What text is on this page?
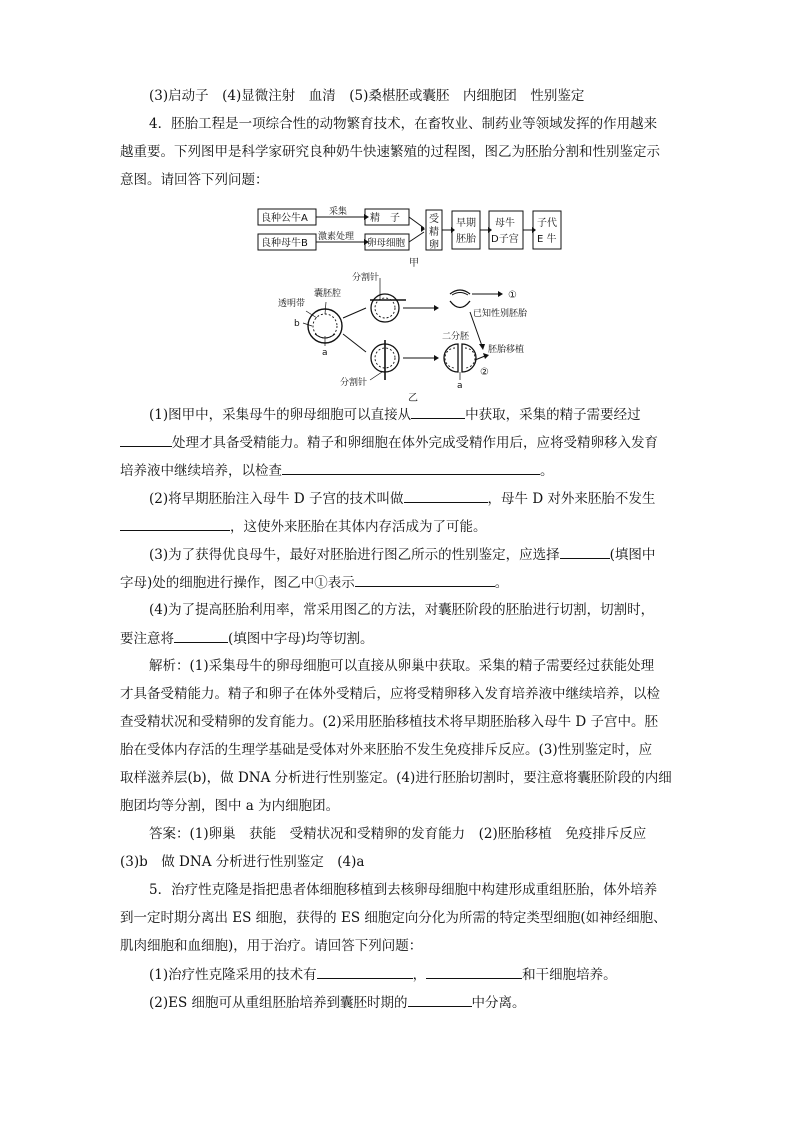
(3)启动子　(4)显微注射　血清　(5)桑椹胚或囊胚　内细胞团　性别鉴定
4．胚胎工程是一项综合性的动物繁育技术，在畜牧业、制药业等领域发挥的作用越来
越重要。下列图甲是科学家研究良种奶牛快速繁殖的过程图，图乙为胚胎分割和性别鉴定示
意图。请回答下列问题：
(1)图甲中，采集母牛的卵母细胞可以直接从	中获取，采集的精子需要经过
处理才具备受精能力。精子和卵细胞在体外完成受精作用后，应将受精卵移入发育
培养液中继续培养，以检查	。
(2)将早期胚胎注入母牛 D 子宫的技术叫做	，母牛 D 对外来胚胎不发生
，这使外来胚胎在其体内存活成为了可能。
(3)为了获得优良母牛，最好对胚胎进行图乙所示的性别鉴定，应选择	(填图中
字母)处的细胞进行操作，图乙中①表示	。
(4)为了提高胚胎利用率，常采用图乙的方法，对囊胚阶段的胚胎进行切割，切割时，
要注意将	(填图中字母)均等切割。
解析：(1)采集母牛的卵母细胞可以直接从卵巢中获取。采集的精子需要经过获能处理
才具备受精能力。精子和卵子在体外受精后，应将受精卵移入发育培养液中继续培养，以检
查受精状况和受精卵的发育能力。(2)采用胚胎移植技术将早期胚胎移入母牛 D 子宫中。胚
胎在受体内存活的生理学基础是受体对外来胚胎不发生免疫排斥反应。(3)性别鉴定时，应
取样滋养层(b)，做 DNA 分析进行性别鉴定。(4)进行胚胎切割时，要注意将囊胚阶段的内细
胞团均等分割，图中 a 为内细胞团。
答案：(1)卵巢　获能　受精状况和受精卵的发育能力　(2)胚胎移植　免疫排斥反应
(3)b　做 DNA 分析进行性别鉴定　(4)a
5．治疗性克隆是指把患者体细胞移植到去核卵母细胞中构建形成重组胚胎，体外培养
到一定时期分离出 ES 细胞，获得的 ES 细胞定向分化为所需的特定类型细胞(如神经细胞、
肌肉细胞和血细胞)，用于治疗。请回答下列问题：
(1)治疗性克隆采用的技术有	，	和干细胞培养。
(2)ES 细胞可从重组胚胎培养到囊胚时期的	中分离。
良种公牛A
良种母牛B
采集
激素处理
精　子
卵母细胞
受
精
卵
早期
胚胎
母牛
D子宫
子代
E 牛
甲
透明带
囊胚腔
b
a
分割针
①
已知性别胚胎
分割针	a
二分胚
胚胎移植
②
乙
